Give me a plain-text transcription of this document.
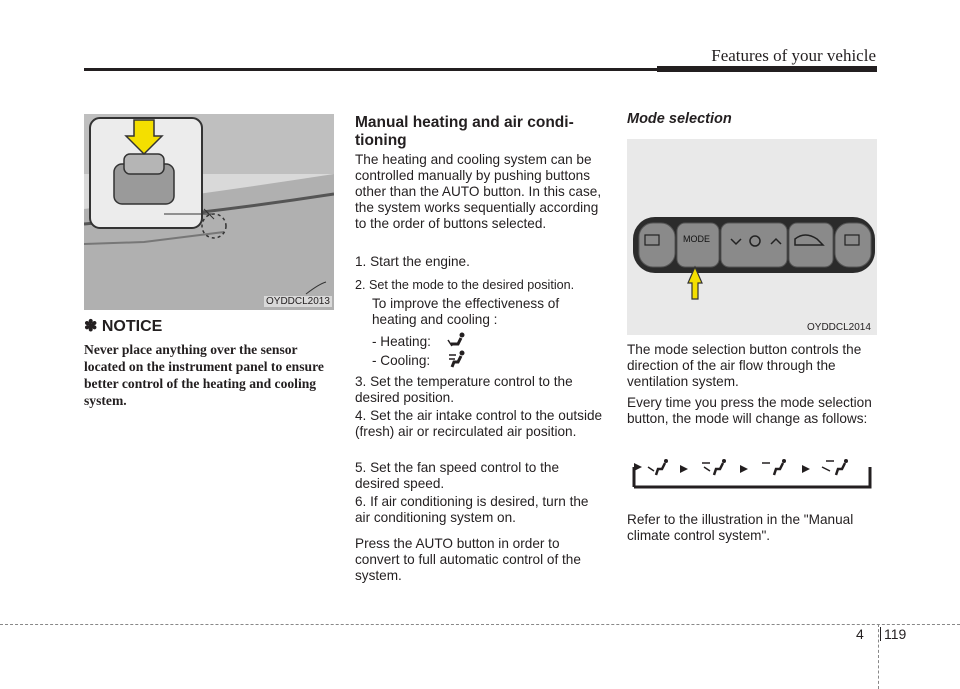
Features of your vehicle
OYDDCL2013
✽ NOTICE
Never place anything over the sensor located on the instrument panel to ensure better control of the heating and cooling system.
Manual heating and air condi-
tioning
The heating and cooling system can be controlled manually by pushing buttons other than the AUTO button. In this case, the system works sequentially according to the order of buttons selected.
1. Start the engine.
2. Set the mode to the desired position.
To improve the effectiveness of heating and cooling :
- Heating:
- Cooling:
3. Set the temperature control to the desired position.
4. Set the air intake control to the outside (fresh) air or recirculated air position.
5. Set the fan speed control to the desired speed.
6. If air conditioning is desired, turn the air conditioning system on.
Press the AUTO button in order to convert to full automatic control of the system.
Mode selection
MODE
OYDDCL2014
The mode selection button controls the direction of the air flow through the ventilation system.
Every time you press the mode selection button, the mode will change as follows:
Refer to the illustration in the "Manual climate control system".
4 119
